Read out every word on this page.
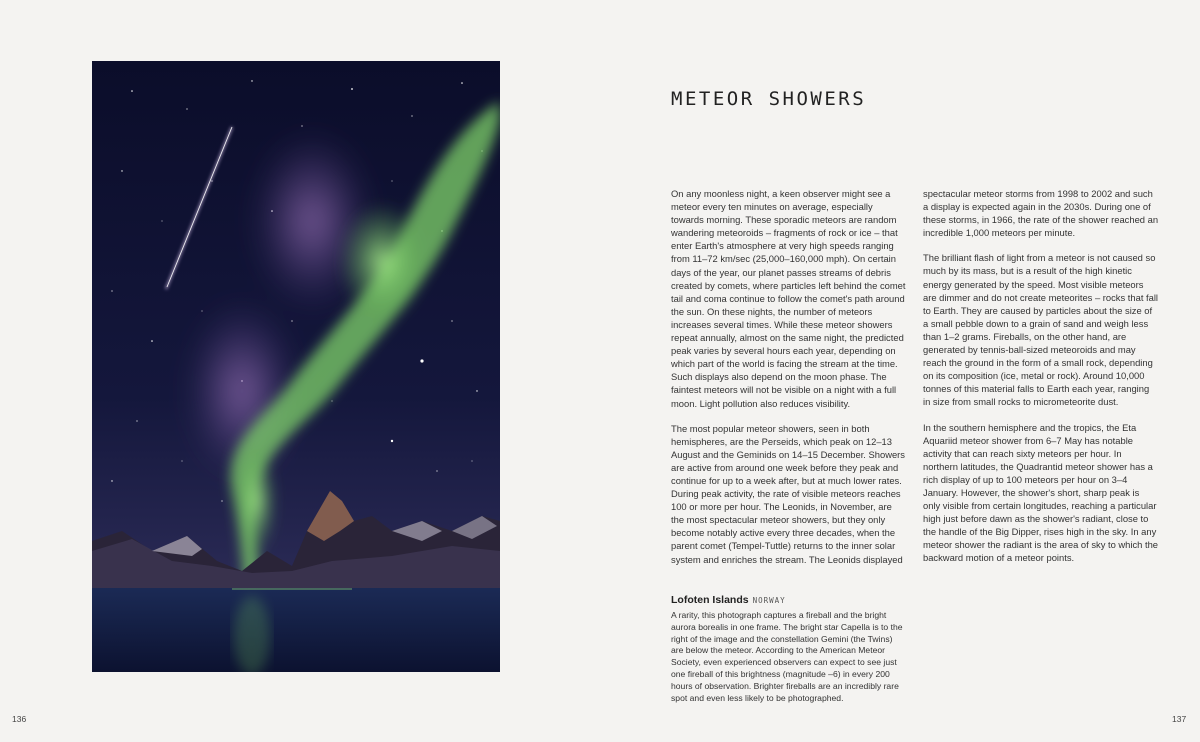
METEOR SHOWERS

On any moonless night, a keen observer might see a meteor every ten minutes on average, especially towards morning. These sporadic meteors are random wandering meteoroids – fragments of rock or ice – that enter Earth's atmosphere at very high speeds ranging from 11–72 km/sec (25,000–160,000 mph). On certain days of the year, our planet passes streams of debris created by comets, where particles left behind the comet tail and coma continue to follow the comet's path around the sun. On these nights, the number of meteors increases several times. While these meteor showers repeat annually, almost on the same night, the predicted peak varies by several hours each year, depending on which part of the world is facing the stream at the time. Such displays also depend on the moon phase. The faintest meteors will not be visible on a night with a full moon. Light pollution also reduces visibility.

The most popular meteor showers, seen in both hemispheres, are the Perseids, which peak on 12–13 August and the Geminids on 14–15 December. Showers are active from around one week before they peak and continue for up to a week after, but at much lower rates. During peak activity, the rate of visible meteors reaches 100 or more per hour. The Leonids, in November, are the most spectacular meteor showers, but they only become notably active every three decades, when the parent comet (Tempel-Tuttle) returns to the inner solar system and enriches the stream. The Leonids displayed

spectacular meteor storms from 1998 to 2002 and such a display is expected again in the 2030s. During one of these storms, in 1966, the rate of the shower reached an incredible 1,000 meteors per minute.

The brilliant flash of light from a meteor is not caused so much by its mass, but is a result of the high kinetic energy generated by the speed. Most visible meteors are dimmer and do not create meteorites – rocks that fall to Earth. They are caused by particles about the size of a small pebble down to a grain of sand and weigh less than 1–2 grams. Fireballs, on the other hand, are generated by tennis-ball-sized meteoroids and may reach the ground in the form of a small rock, depending on its composition (ice, metal or rock). Around 10,000 tonnes of this material falls to Earth each year, ranging in size from small rocks to micrometeorite dust.

In the southern hemisphere and the tropics, the Eta Aquariid meteor shower from 6–7 May has notable activity that can reach sixty meteors per hour. In northern latitudes, the Quadrantid meteor shower has a rich display of up to 100 meteors per hour on 3–4 January. However, the shower's short, sharp peak is only visible from certain longitudes, reaching a particular high just before dawn as the shower's radiant, close to the handle of the Big Dipper, rises high in the sky. In any meteor shower the radiant is the area of sky to which the backward motion of a meteor points.

Lofoten Islands NORWAY

A rarity, this photograph captures a fireball and the bright aurora borealis in one frame. The bright star Capella is to the right of the image and the constellation Gemini (the Twins) are below the meteor. According to the American Meteor Society, even experienced observers can expect to see just one fireball of this brightness (magnitude –6) in every 200 hours of observation. Brighter fireballs are an incredibly rare spot and even less likely to be photographed.

136	137
